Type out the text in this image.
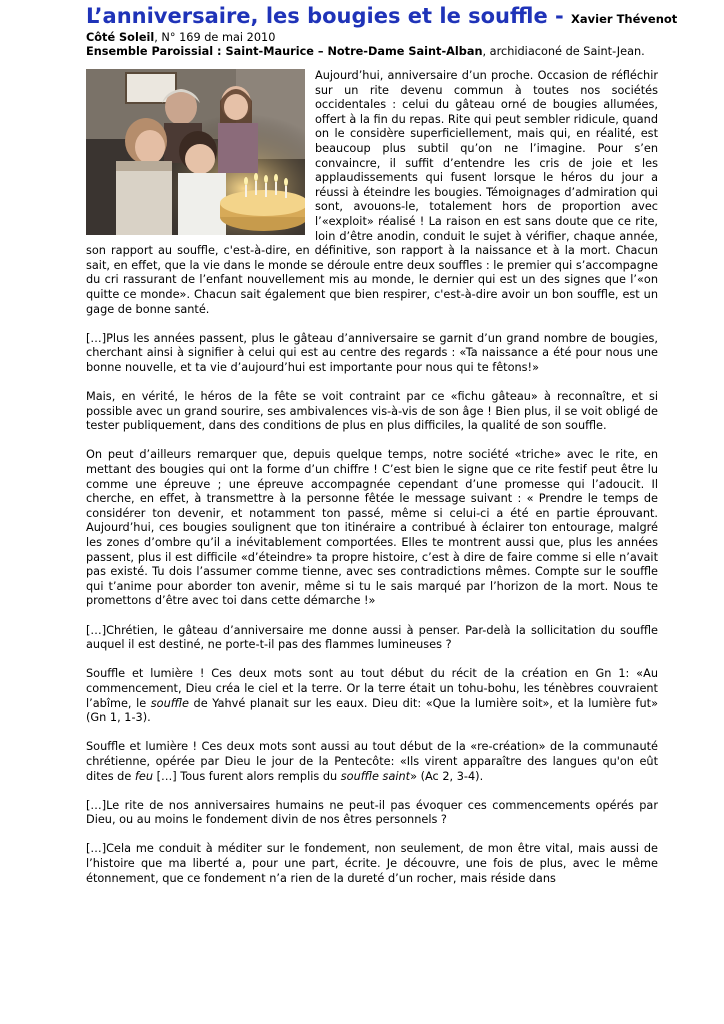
L’anniversaire, les bougies et le souffle - Xavier Thévenot
Côté Soleil, N° 169 de mai 2010
Ensemble Paroissial : Saint-Maurice – Notre-Dame Saint-Alban, archidiaconé de Saint-Jean.

Aujourd’hui, anniversaire d’un proche. Occasion de réfléchir sur un rite devenu commun à toutes nos sociétés occidentales : celui du gâteau orné de bougies allumées, offert à la fin du repas. Rite qui peut sembler ridicule, quand on le considère superficiellement, mais qui, en réalité, est beaucoup plus subtil qu’on ne l’imagine. Pour s’en convaincre, il suffit d’entendre les cris de joie et les applaudissements qui fusent lorsque le héros du jour a réussi à éteindre les bougies. Témoignages d’admiration qui sont, avouons-le, totalement hors de proportion avec l’«exploit» réalisé ! La raison en est sans doute que ce rite, loin d’être anodin, conduit le sujet à vérifier, chaque année, son rapport au souffle, c'est-à-dire, en définitive, son rapport à la naissance et à la mort. Chacun sait, en effet, que la vie dans le monde se déroule entre deux souffles : le premier qui s’accompagne du cri rassurant de l’enfant nouvellement mis au monde, le dernier qui est un des signes que l’«on quitte ce monde». Chacun sait également que bien respirer, c'est-à-dire avoir un bon souffle, est un gage de bonne santé.

[…]Plus les années passent, plus le gâteau d’anniversaire se garnit d’un grand nombre de bougies, cherchant ainsi à signifier à celui qui est au centre des regards : «Ta naissance a été pour nous une bonne nouvelle, et ta vie d’aujourd’hui est importante pour nous qui te fêtons!»

Mais, en vérité, le héros de la fête se voit contraint par ce «fichu gâteau» à reconnaître, et si possible avec un grand sourire, ses ambivalences vis-à-vis de son âge ! Bien plus, il se voit obligé de tester publiquement, dans des conditions de plus en plus difficiles, la qualité de son souffle.

On peut d’ailleurs remarquer que, depuis quelque temps, notre société «triche» avec le rite, en mettant des bougies qui ont la forme d’un chiffre ! C’est bien le signe que ce rite festif peut être lu comme une épreuve ; une épreuve accompagnée cependant d’une promesse qui l’adoucit. Il cherche, en effet, à transmettre à la personne fêtée le message suivant : « Prendre le temps de considérer ton devenir, et notamment ton passé, même si celui-ci a été en partie éprouvant. Aujourd’hui, ces bougies soulignent que ton itinéraire a contribué à éclairer ton entourage, malgré les zones d’ombre qu’il a inévitablement comportées. Elles te montrent aussi que, plus les années passent, plus il est difficile «d’éteindre» ta propre histoire, c’est à dire de faire comme si elle n’avait pas existé. Tu dois l’assumer comme tienne, avec ses contradictions mêmes. Compte sur le souffle qui t’anime pour aborder ton avenir, même si tu le sais marqué par l’horizon de la mort. Nous te promettons d’être avec toi dans cette démarche !»

[…]Chrétien, le gâteau d’anniversaire me donne aussi à penser. Par-delà la sollicitation du souffle auquel il est destiné, ne porte-t-il pas des flammes lumineuses ?

Souffle et lumière ! Ces deux mots sont au tout début du récit de la création en Gn 1: «Au commencement, Dieu créa le ciel et la terre. Or la terre était un tohu-bohu, les ténèbres couvraient l’abîme, le souffle de Yahvé planait sur les eaux. Dieu dit: «Que la lumière soit», et la lumière fut» (Gn 1, 1-3).

Souffle et lumière ! Ces deux mots sont aussi au tout début de la «re-création» de la communauté chrétienne, opérée par Dieu le jour de la Pentecôte: «Ils virent apparaître des langues qu'on eût dites de feu […] Tous furent alors remplis du souffle saint» (Ac 2, 3-4).

[…]Le rite de nos anniversaires humains ne peut-il pas évoquer ces commencements opérés par Dieu, ou au moins le fondement divin de nos êtres personnels ?

[…]Cela me conduit à méditer sur le fondement, non seulement, de mon être vital, mais aussi de l’histoire que ma liberté a, pour une part, écrite. Je découvre, une fois de plus, avec le même étonnement, que ce fondement n’a rien de la dureté d’un rocher, mais réside dans
